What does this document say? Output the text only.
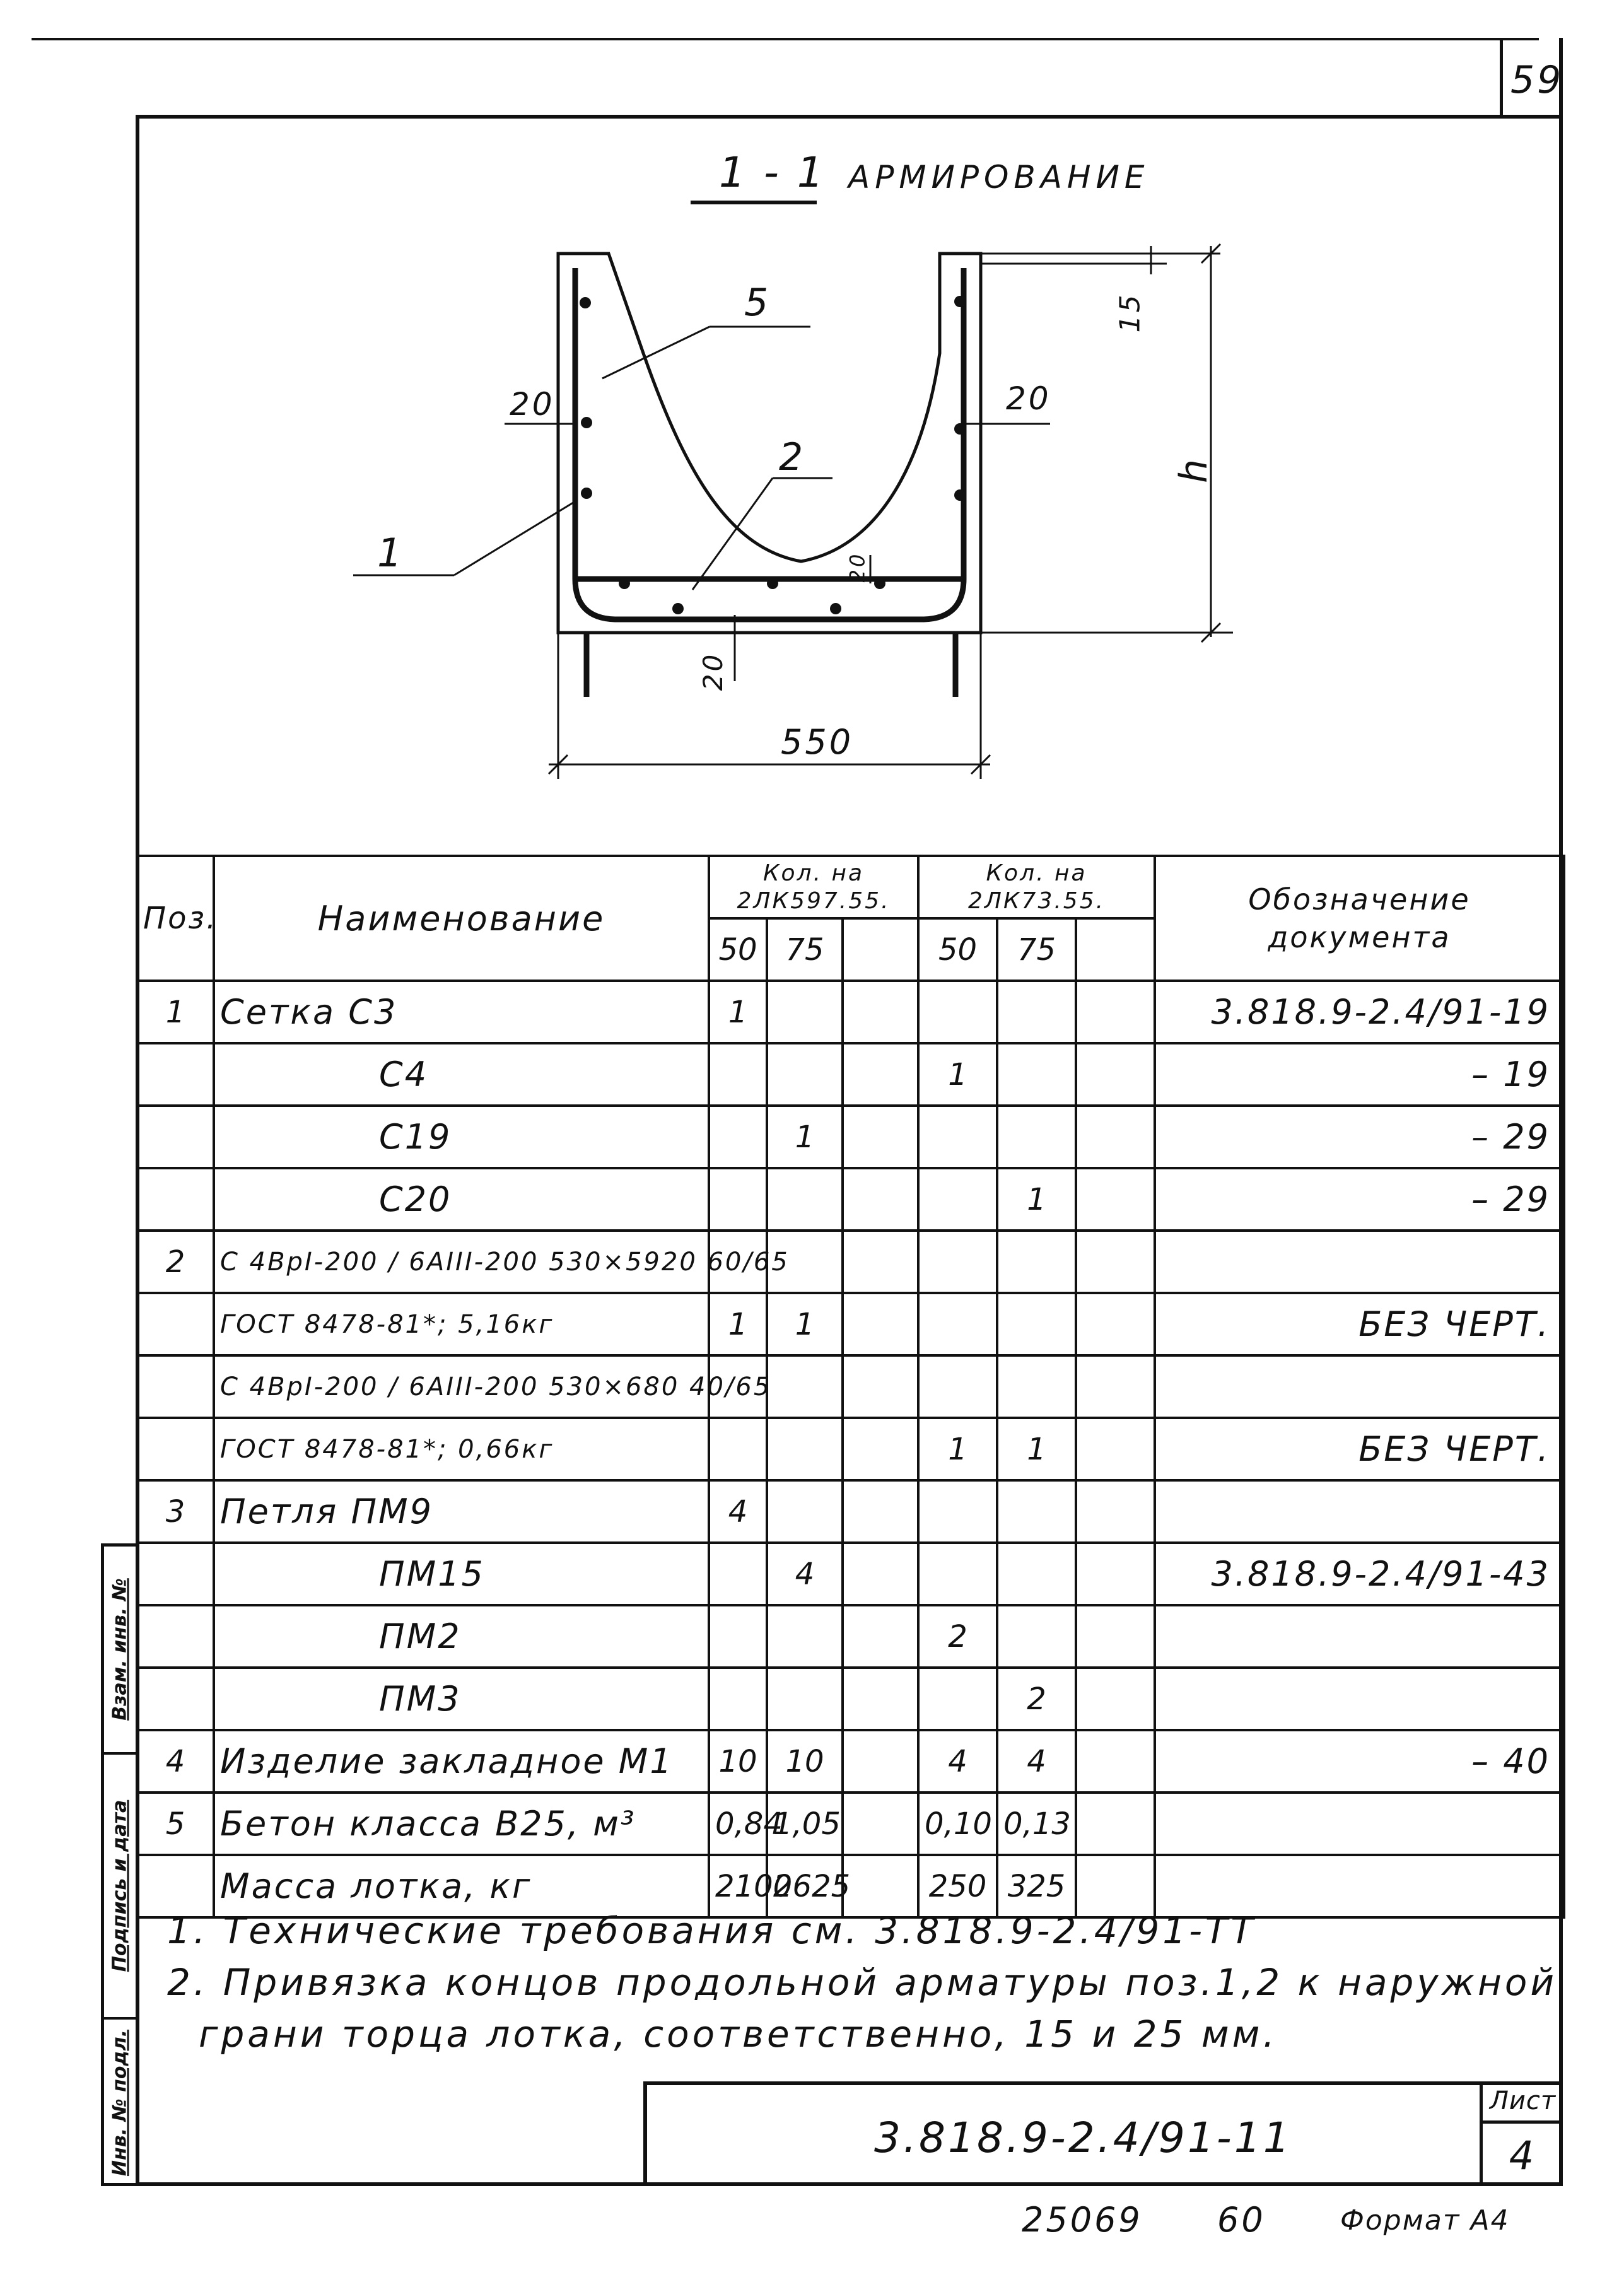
59
1 - 1 АРМИРОВАНИЕ
5
2
1
20	20
15
h
20
20
550
Поз.	Наименование	Кол. на 2ЛК597.55.			Кол. на 2ЛК73.55.			Обозначение документа
		50	75		50	75		
1	Сетка С3	1						3.818.9-2.4/91-19
	С4				1			– 19
	С19		1					– 29
	С20					1		– 29
2	С 4ВрI-200 / 6АIII-200 530×5920 60/65							
	ГОСТ 8478-81*; 5,16кг	1	1					БЕЗ ЧЕРТ.
	С 4ВрI-200 / 6АIII-200 530×680 40/65							
	ГОСТ 8478-81*; 0,66кг				1	1		БЕЗ ЧЕРТ.
3	Петля ПМ9	4						
	ПМ15		4					3.818.9-2.4/91-43
	ПМ2				2			
	ПМ3					2		
4	Изделие закладное М1	10	10		4	4		– 40
5	Бетон класса В25, м³	0,84	1,05		0,10	0,13		
	Масса лотка, кг	2100	2625		250	325		
1. Технические требования см. 3.818.9-2.4/91-ТТ
2. Привязка концов продольной арматуры поз.1,2 к наружной
грани торца лотка, соответственно, 15 и 25 мм.
Взам. инв. №
Подпись и дата
Инв. № подл.	3.818.9-2.4/91-11
Лист
4
25069 60	Формат А4
